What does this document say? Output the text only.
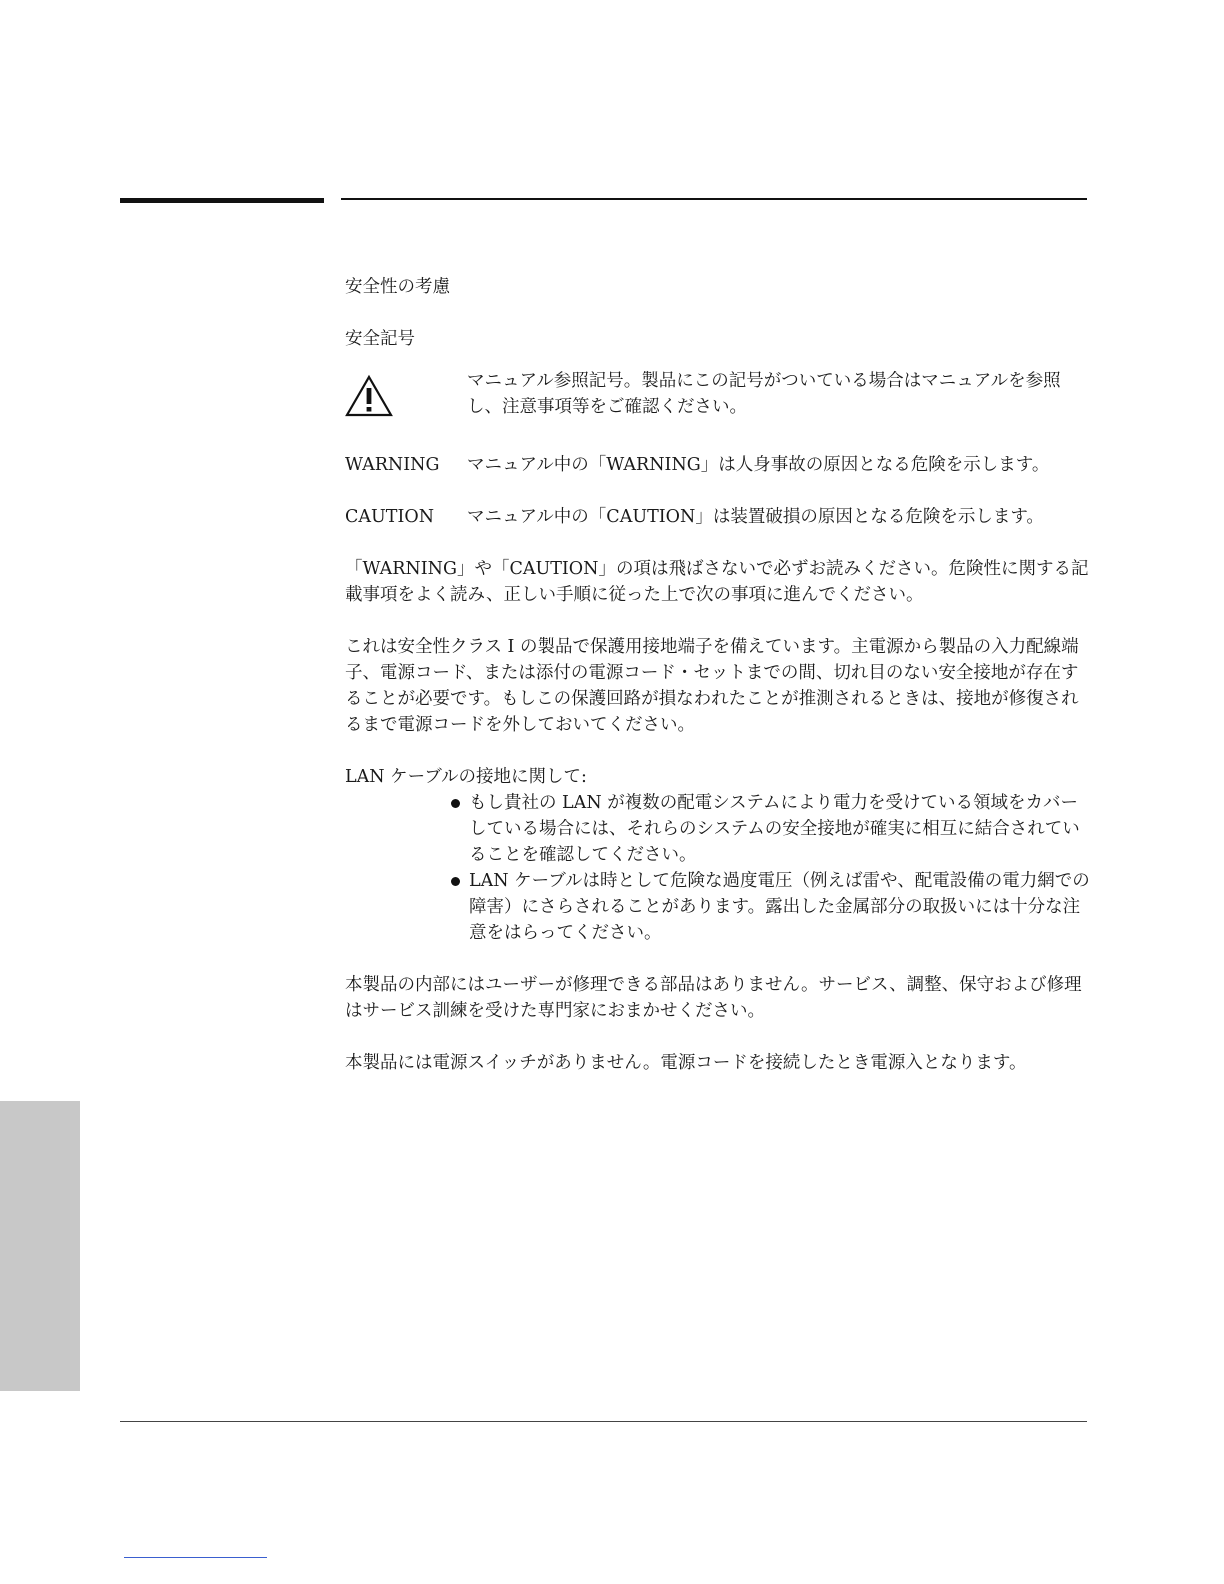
安全性の考慮

安全記号

マニュアル参照記号。製品にこの記号がついている場合はマニュアルを参照し、注意事項等をご確認ください。
WARNING	マニュアル中の「WARNING」は人身事故の原因となる危険を示します。
CAUTION	マニュアル中の「CAUTION」は装置破損の原因となる危険を示します。

「WARNING」や「CAUTION」の項は飛ばさないで必ずお読みください。危険性に関する記載事項をよく読み、正しい手順に従った上で次の事項に進んでください。

これは安全性クラス I の製品で保護用接地端子を備えています。主電源から製品の入力配線端子、電源コード、または添付の電源コード・セットまでの間、切れ目のない安全接地が存在することが必要です。もしこの保護回路が損なわれたことが推測されるときは、接地が修復されるまで電源コードを外しておいてください。

LAN ケーブルの接地に関して:

もし貴社の LAN が複数の配電システムにより電力を受けている領域をカバーしている場合には、それらのシステムの安全接地が確実に相互に結合されていることを確認してください。
LAN ケーブルは時として危険な過度電圧（例えば雷や、配電設備の電力網での障害）にさらされることがあります。露出した金属部分の取扱いには十分な注意をはらってください。

本製品の内部にはユーザーが修理できる部品はありません。サービス、調整、保守および修理はサービス訓練を受けた専門家におまかせください。

本製品には電源スイッチがありません。電源コードを接続したとき電源入となります。
